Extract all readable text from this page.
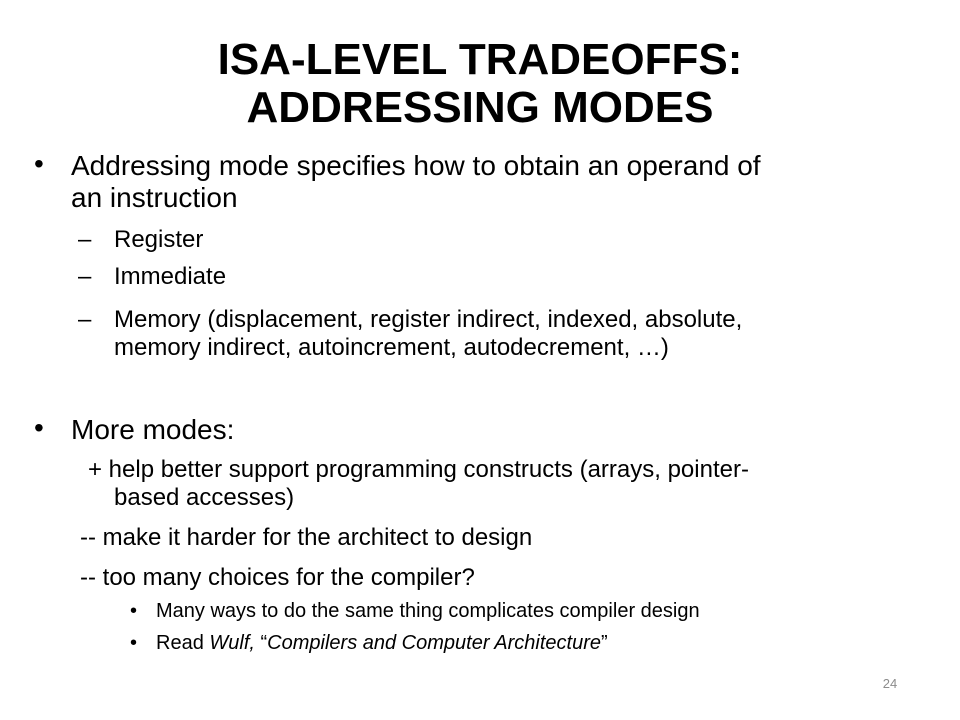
ISA-LEVEL TRADEOFFS:
ADDRESSING MODES
• Addressing mode specifies how to obtain an operand of
an instruction
– Register
– Immediate
– Memory (displacement, register indirect, indexed, absolute,
memory indirect, autoincrement, autodecrement, …)
• More modes:
+ help better support programming constructs (arrays, pointer-
based accesses)
-- make it harder for the architect to design
-- too many choices for the compiler?
• Many ways to do the same thing complicates compiler design
• Read Wulf, “Compilers and Computer Architecture”
24
